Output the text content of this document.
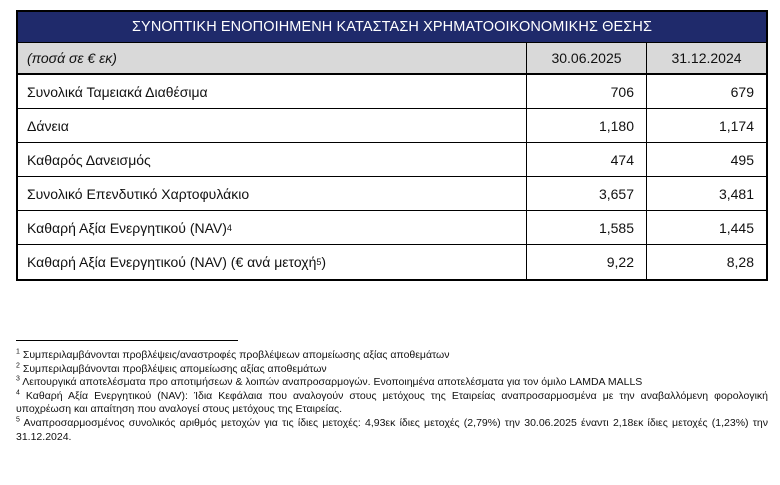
ΣΥΝΟΠΤΙΚΗ ΕΝΟΠΟΙΗΜΕΝΗ ΚΑΤΑΣΤΑΣΗ ΧΡΗΜΑΤΟΟΙΚΟΝΟΜΙΚΗΣ ΘΕΣΗΣ
(ποσά σε € εκ)	30.06.2025	31.12.2024
Συνολικά Ταμειακά Διαθέσιμα	706	679
Δάνεια	1,180	1,174
Καθαρός Δανεισμός	474	495
Συνολικό Επενδυτικό Χαρτοφυλάκιο	3,657	3,481
Καθαρή Αξία Ενεργητικού (NAV) 4	1,585	1,445
Καθαρή Αξία Ενεργητικού (NAV) (€ ανά μετοχή 5 )	9,22	8,28
$^1$ Συμπεριλαμβάνονται προβλέψεις/αναστροφές προβλέψεων απομείωσης αξίας αποθεμάτων
$^2$ Συμπεριλαμβάνονται προβλέψεις απομείωσης αξίας αποθεμάτων
$^3$ Λειτουργικά αποτελέσματα προ αποτιμήσεων & λοιπών αναπροσαρμογών. Ενοποιημένα αποτελέσματα για τον όμιλο LAMDA MALLS
$^4$ Καθαρή Αξία Ενεργητικού (NAV): Ίδια Κεφάλαια που αναλογούν στους μετόχους της Εταιρείας αναπροσαρμοσμένα με την αναβαλλόμενη φορολογική υποχρέωση και απαίτηση που αναλογεί στους μετόχους της Εταιρείας.
$^5$ Αναπροσαρμοσμένος συνολικός αριθμός μετοχών για τις ίδιες μετοχές: 4,93εκ ίδιες μετοχές (2,79%) την 30.06.2025 έναντι 2,18εκ ίδιες μετοχές (1,23%) την 31.12.2024.
